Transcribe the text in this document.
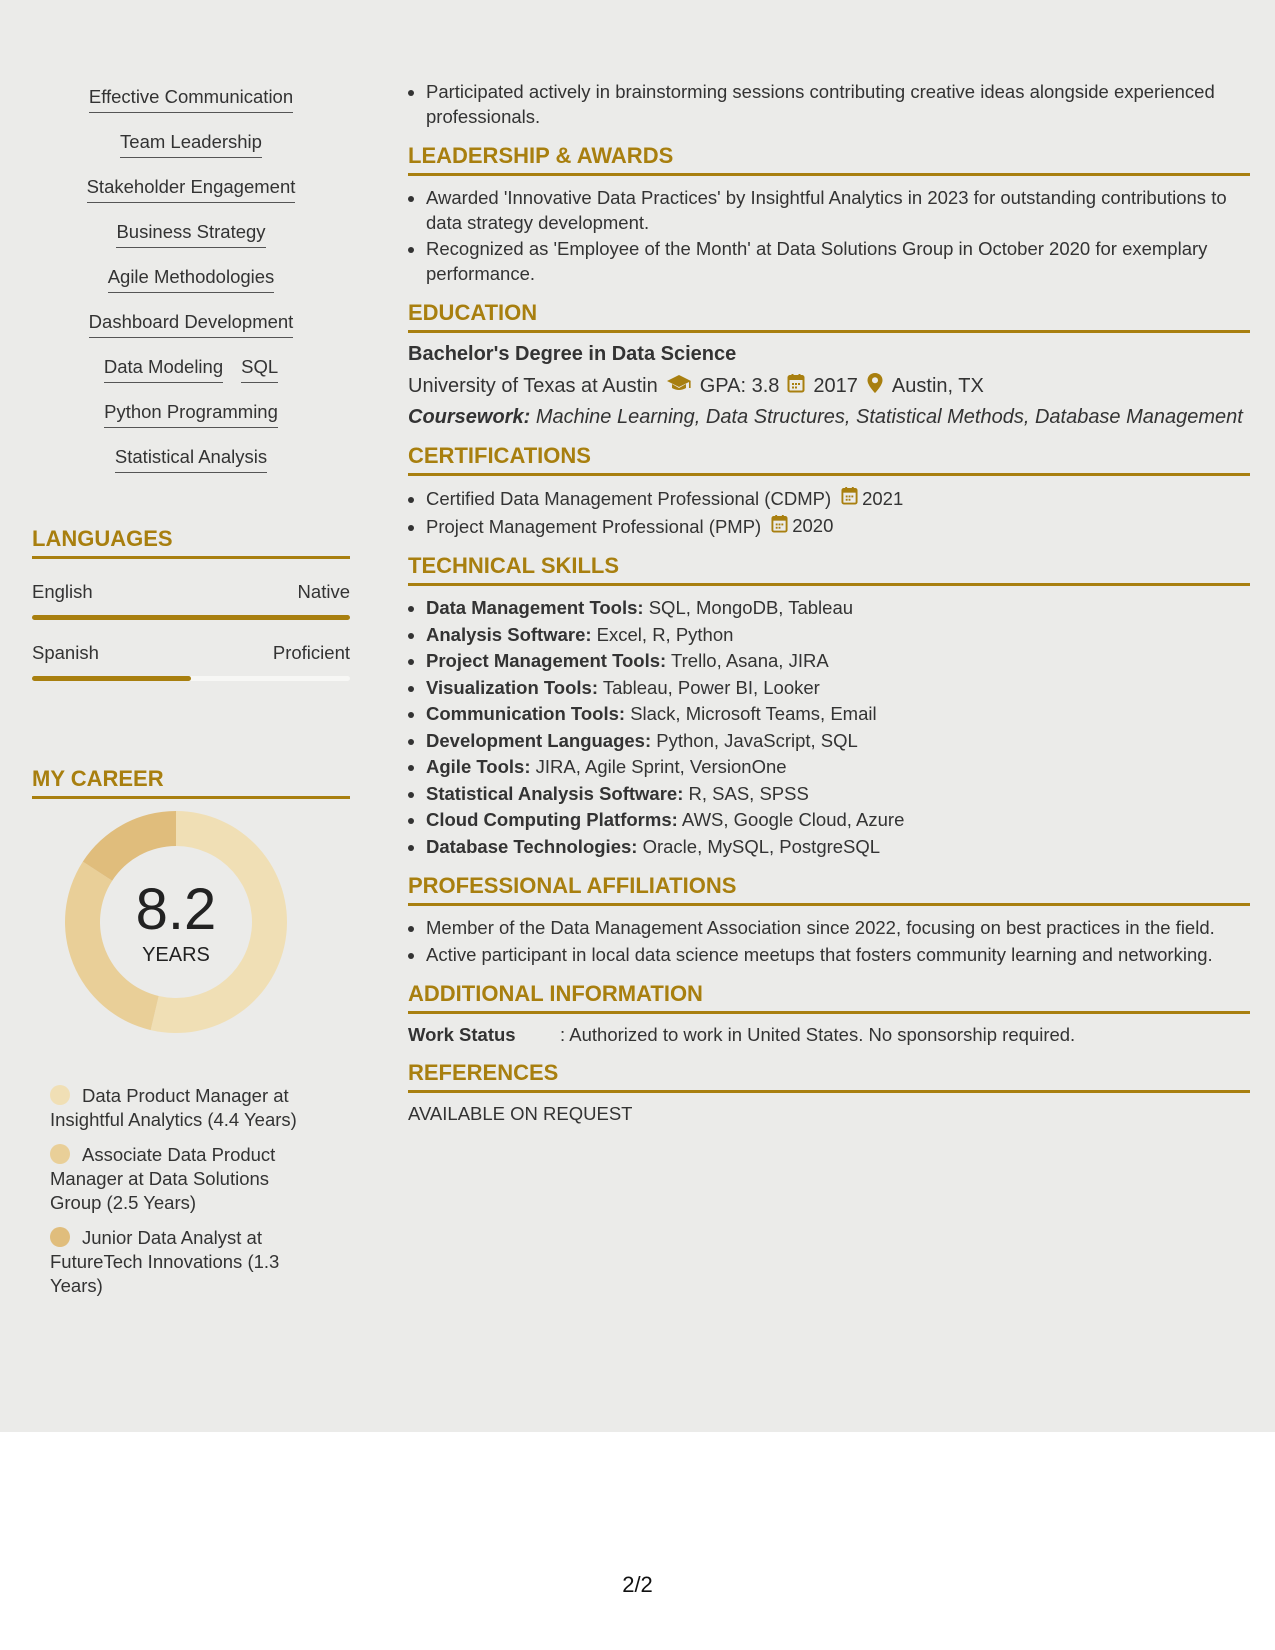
Effective Communication
Team Leadership
Stakeholder Engagement
Business Strategy
Agile Methodologies
Dashboard Development
Data Modeling SQL
Python Programming
Statistical Analysis
LANGUAGES
English	Native
Spanish	Proficient
MY CAREER
8.2
YEARS
Data Product Manager at Insightful Analytics (4.4 Years)
Associate Data Product Manager at Data Solutions Group (2.5 Years)
Junior Data Analyst at FutureTech Innovations (1.3 Years)
• Participated actively in brainstorming sessions contributing creative ideas alongside experienced professionals.
LEADERSHIP & AWARDS
• Awarded 'Innovative Data Practices' by Insightful Analytics in 2023 for outstanding contributions to data strategy development.
• Recognized as 'Employee of the Month' at Data Solutions Group in October 2020 for exemplary performance.
EDUCATION
Bachelor's Degree in Data Science
University of Texas at Austin GPA: 3.8 2017 Austin, TX
Coursework: Machine Learning, Data Structures, Statistical Methods, Database Management
CERTIFICATIONS
• Certified Data Management Professional (CDMP) 2021
• Project Management Professional (PMP) 2020
TECHNICAL SKILLS
• Data Management Tools: SQL, MongoDB, Tableau
• Analysis Software: Excel, R, Python
• Project Management Tools: Trello, Asana, JIRA
• Visualization Tools: Tableau, Power BI, Looker
• Communication Tools: Slack, Microsoft Teams, Email
• Development Languages: Python, JavaScript, SQL
• Agile Tools: JIRA, Agile Sprint, VersionOne
• Statistical Analysis Software: R, SAS, SPSS
• Cloud Computing Platforms: AWS, Google Cloud, Azure
• Database Technologies: Oracle, MySQL, PostgreSQL
PROFESSIONAL AFFILIATIONS
• Member of the Data Management Association since 2022, focusing on best practices in the field.
• Active participant in local data science meetups that fosters community learning and networking.
ADDITIONAL INFORMATION
Work Status	: Authorized to work in United States. No sponsorship required.
REFERENCES
AVAILABLE ON REQUEST
2/2
